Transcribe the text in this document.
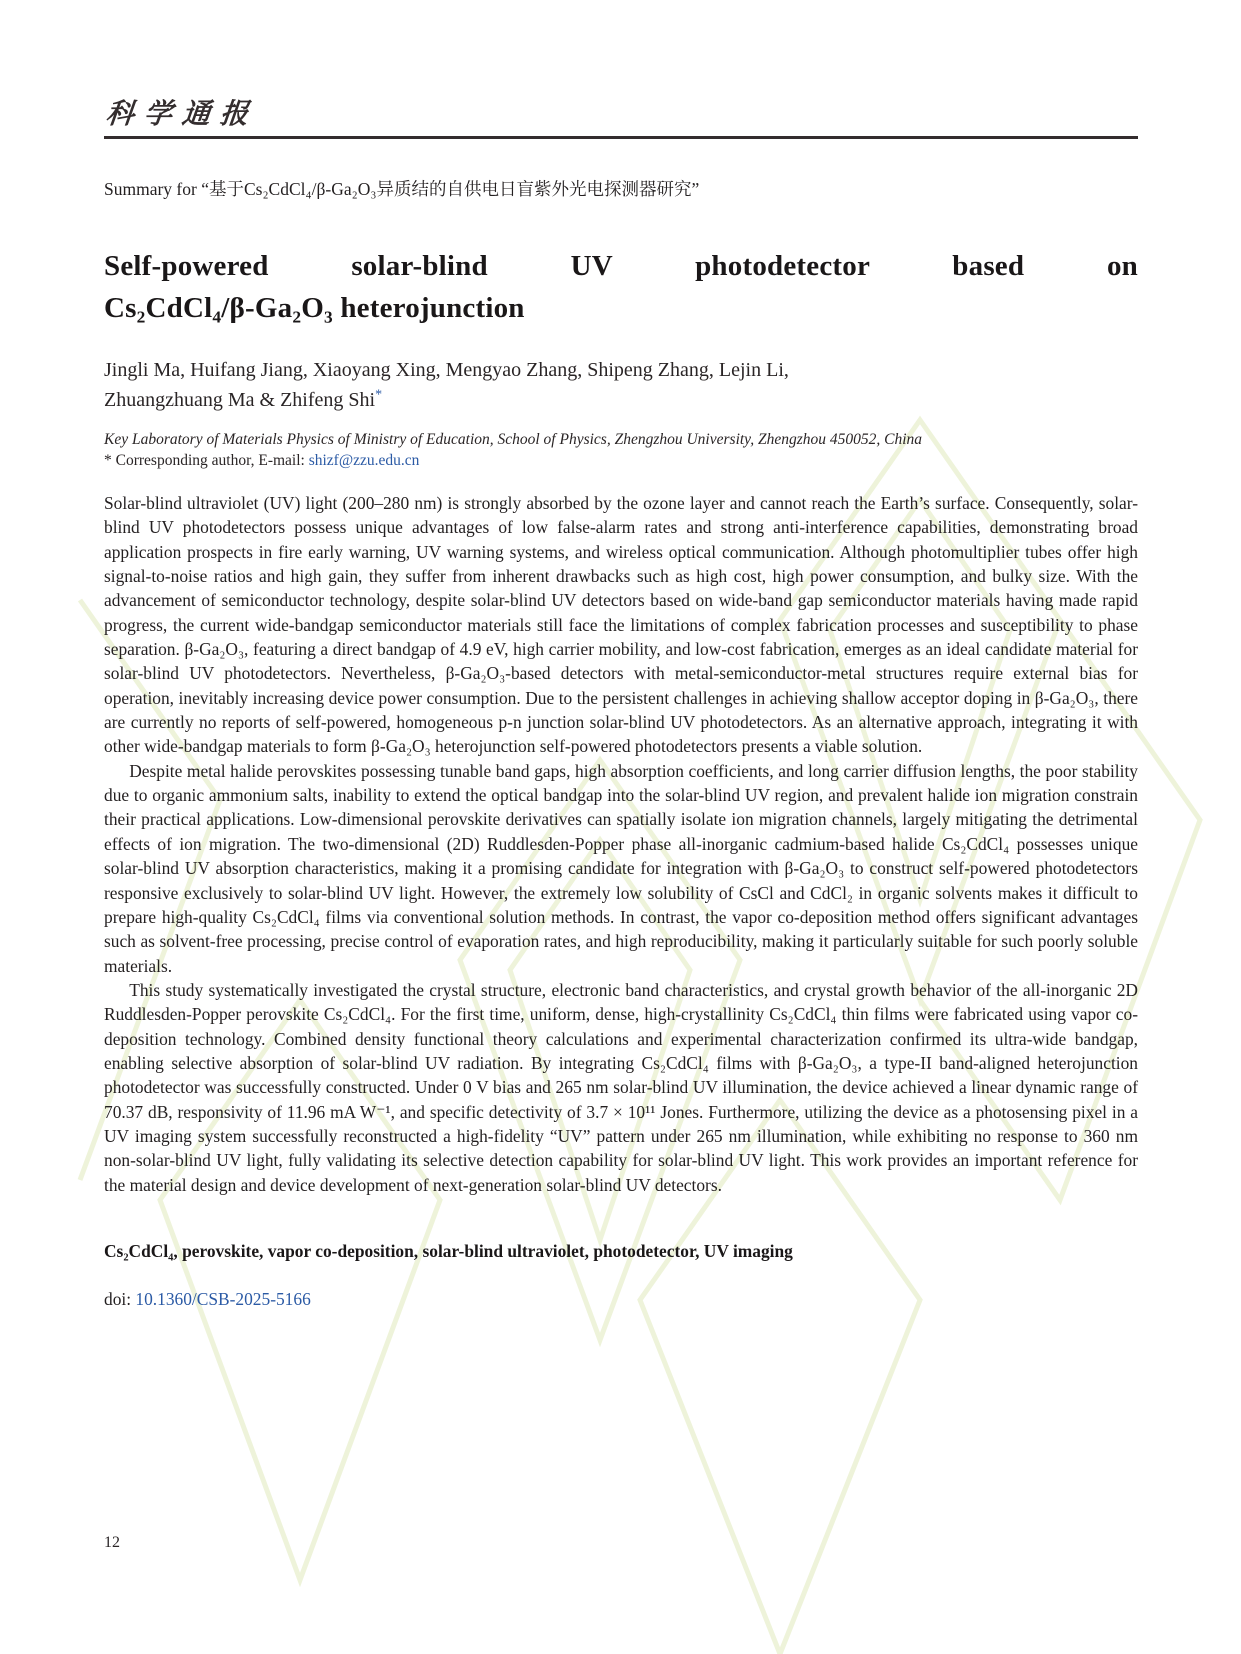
科学通报
Summary for “基于Cs₂CdCl₄/β-Ga₂O₃异质结的自供电日盲紫外光电探测器研究”
Self-powered solar-blind UV photodetector based on
Cs₂CdCl₄/β-Ga₂O₃ heterojunction
Jingli Ma, Huifang Jiang, Xiaoyang Xing, Mengyao Zhang, Shipeng Zhang, Lejin Li,
Zhuangzhuang Ma & Zhifeng Shi*
Key Laboratory of Materials Physics of Ministry of Education, School of Physics, Zhengzhou University, Zhengzhou 450052, China
* Corresponding author, E-mail: shizf@zzu.edu.cn

Solar-blind ultraviolet (UV) light (200–280 nm) is strongly absorbed by the ozone layer and cannot reach the Earth’s surface. Consequently, solar-blind UV photodetectors possess unique advantages of low false-alarm rates and strong anti-interference capabilities, demonstrating broad application prospects in fire early warning, UV warning systems, and wireless optical communication. Although photomultiplier tubes offer high signal-to-noise ratios and high gain, they suffer from inherent drawbacks such as high cost, high power consumption, and bulky size. With the advancement of semiconductor technology, despite solar-blind UV detectors based on wide-band gap semiconductor materials having made rapid progress, the current wide-bandgap semiconductor materials still face the limitations of complex fabrication processes and susceptibility to phase separation. β-Ga₂O₃, featuring a direct bandgap of 4.9 eV, high carrier mobility, and low-cost fabrication, emerges as an ideal candidate material for solar-blind UV photodetectors. Nevertheless, β-Ga₂O₃-based detectors with metal-semiconductor-metal structures require external bias for operation, inevitably increasing device power consumption. Due to the persistent challenges in achieving shallow acceptor doping in β-Ga₂O₃, there are currently no reports of self-powered, homogeneous p-n junction solar-blind UV photodetectors. As an alternative approach, integrating it with other wide-bandgap materials to form β-Ga₂O₃ heterojunction self-powered photodetectors presents a viable solution.

Despite metal halide perovskites possessing tunable band gaps, high absorption coefficients, and long carrier diffusion lengths, the poor stability due to organic ammonium salts, inability to extend the optical bandgap into the solar-blind UV region, and prevalent halide ion migration constrain their practical applications. Low-dimensional perovskite derivatives can spatially isolate ion migration channels, largely mitigating the detrimental effects of ion migration. The two-dimensional (2D) Ruddlesden-Popper phase all-inorganic cadmium-based halide Cs₂CdCl₄ possesses unique solar-blind UV absorption characteristics, making it a promising candidate for integration with β-Ga₂O₃ to construct self-powered photodetectors responsive exclusively to solar-blind UV light. However, the extremely low solubility of CsCl and CdCl₂ in organic solvents makes it difficult to prepare high-quality Cs₂CdCl₄ films via conventional solution methods. In contrast, the vapor co-deposition method offers significant advantages such as solvent-free processing, precise control of evaporation rates, and high reproducibility, making it particularly suitable for such poorly soluble materials.

This study systematically investigated the crystal structure, electronic band characteristics, and crystal growth behavior of the all-inorganic 2D Ruddlesden-Popper perovskite Cs₂CdCl₄. For the first time, uniform, dense, high-crystallinity Cs₂CdCl₄ thin films were fabricated using vapor co-deposition technology. Combined density functional theory calculations and experimental characterization confirmed its ultra-wide bandgap, enabling selective absorption of solar-blind UV radiation. By integrating Cs₂CdCl₄ films with β-Ga₂O₃, a type-II band-aligned heterojunction photodetector was successfully constructed. Under 0 V bias and 265 nm solar-blind UV illumination, the device achieved a linear dynamic range of 70.37 dB, responsivity of 11.96 mA W⁻¹, and specific detectivity of 3.7 × 10¹¹ Jones. Furthermore, utilizing the device as a photosensing pixel in a UV imaging system successfully reconstructed a high-fidelity “UV” pattern under 265 nm illumination, while exhibiting no response to 360 nm non-solar-blind UV light, fully validating its selective detection capability for solar-blind UV light. This work provides an important reference for the material design and device development of next-generation solar-blind UV detectors.

Cs₂CdCl₄, perovskite, vapor co-deposition, solar-blind ultraviolet, photodetector, UV imaging
doi: 10.1360/CSB-2025-5166
12
